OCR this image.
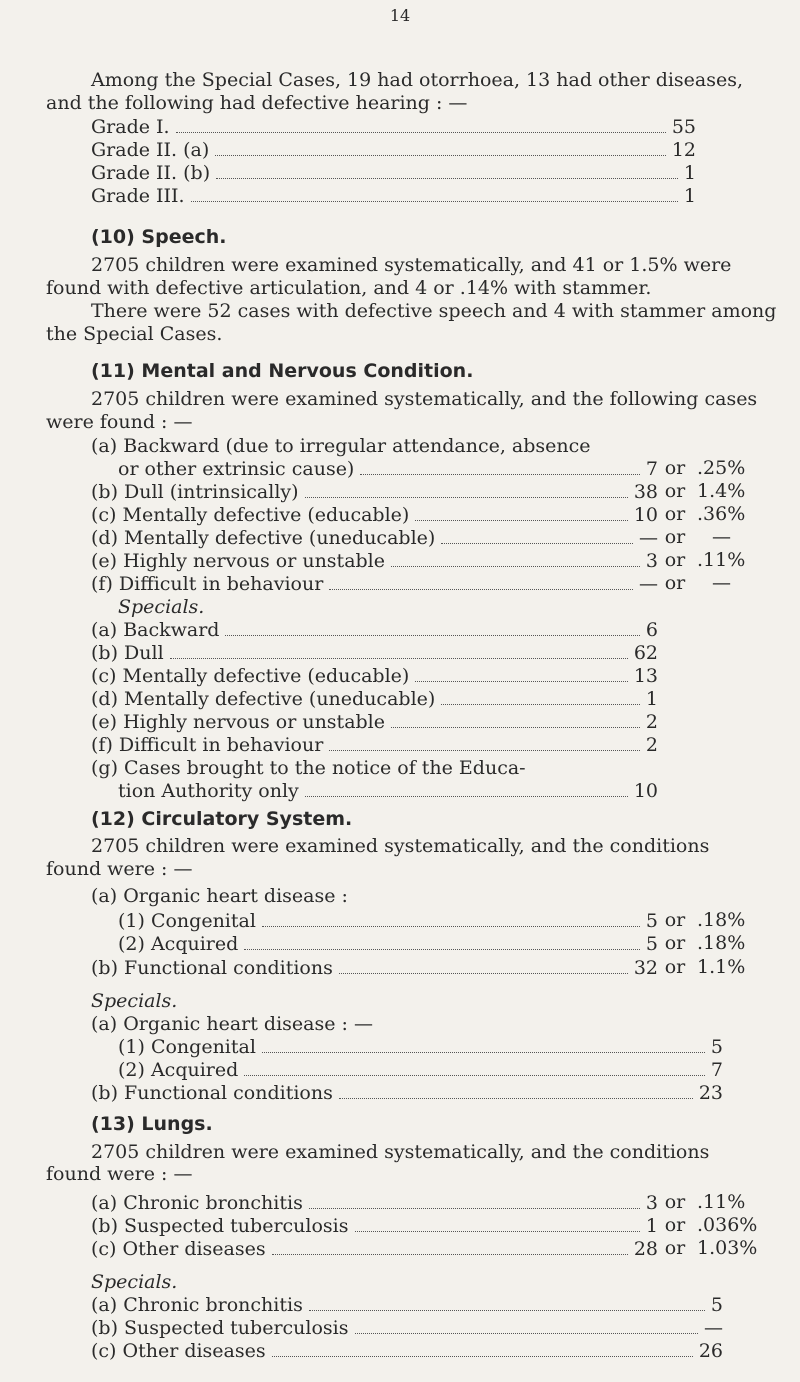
14
Among the Special Cases, 19 had otorrhoea, 13 had other diseases,
and the following had defective hearing : —
Grade I.	55
Grade II. (a)	12
Grade II. (b)	1
Grade III.	1
(10) Speech.
2705 children were examined systematically, and 41 or 1.5% were
found with defective articulation, and 4 or .14% with stammer.
There were 52 cases with defective speech and 4 with stammer among
the Special Cases.
(11) Mental and Nervous Condition.
2705 children were examined systematically, and the following cases
were found : —
(a) Backward (due to irregular attendance, absence
or other extrinsic cause)	7 or .25%
(b) Dull (intrinsically)	38 or 1.4%
(c) Mentally defective (educable)	10 or .36%
(d) Mentally defective (uneducable)	— or	—
(e) Highly nervous or unstable	3 or .11%
(f) Difficult in behaviour	— or	—
Specials.
(a) Backward	6
(b) Dull	62
(c) Mentally defective (educable)	13
(d) Mentally defective (uneducable)	1
(e) Highly nervous or unstable	2
(f) Difficult in behaviour	2
(g) Cases brought to the notice of the Educa-
tion Authority only	10
(12) Circulatory System.
2705 children were examined systematically, and the conditions
found were : —
(a) Organic heart disease :
(1) Congenital	5 or .18%
(2) Acquired	5 or .18%
(b) Functional conditions	32 or 1.1%
Specials.
(a) Organic heart disease : —
(1) Congenital	5
(2) Acquired	7
(b) Functional conditions	23
(13) Lungs.
2705 children were examined systematically, and the conditions
found were : —
(a) Chronic bronchitis	3 or .11%
(b) Suspected tuberculosis	1 or .036%
(c) Other diseases	28 or 1.03%
Specials.
(a) Chronic bronchitis	5
(b) Suspected tuberculosis	—
(c) Other diseases	26
